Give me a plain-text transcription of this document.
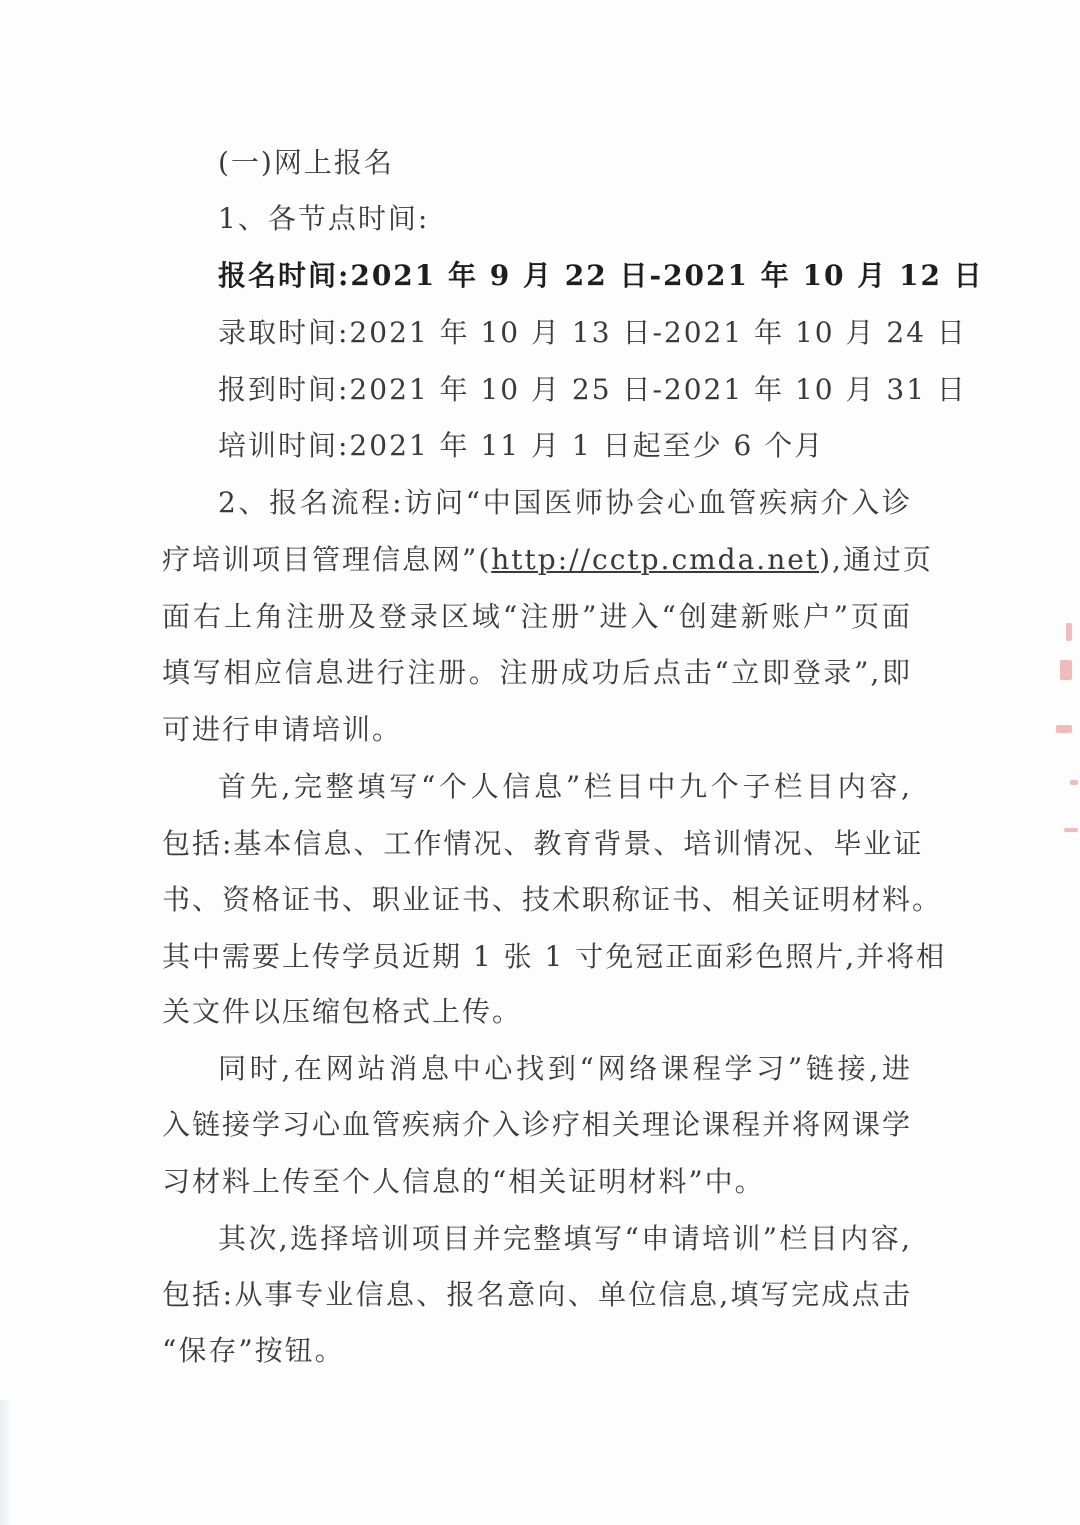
(一)网上报名
1、各节点时间:
报名时间:2021 年 9 月 22 日-2021 年 10 月 12 日
录取时间:2021 年 10 月 13 日-2021 年 10 月 24 日
报到时间:2021 年 10 月 25 日-2021 年 10 月 31 日
培训时间:2021 年 11 月 1 日起至少 6 个月
2、报名流程:访问“中国医师协会心血管疾病介入诊
疗培训项目管理信息网”(http://cctp.cmda.net),通过页
面右上角注册及登录区域“注册”进入“创建新账户”页面
填写相应信息进行注册。注册成功后点击“立即登录”,即
可进行申请培训。
首先,完整填写“个人信息”栏目中九个子栏目内容,
包括:基本信息、工作情况、教育背景、培训情况、毕业证
书、资格证书、职业证书、技术职称证书、相关证明材料。
其中需要上传学员近期 1 张 1 寸免冠正面彩色照片,并将相
关文件以压缩包格式上传。
同时,在网站消息中心找到“网络课程学习”链接,进
入链接学习心血管疾病介入诊疗相关理论课程并将网课学
习材料上传至个人信息的“相关证明材料”中。
其次,选择培训项目并完整填写“申请培训”栏目内容,
包括:从事专业信息、报名意向、单位信息,填写完成点击
“保存”按钮。
